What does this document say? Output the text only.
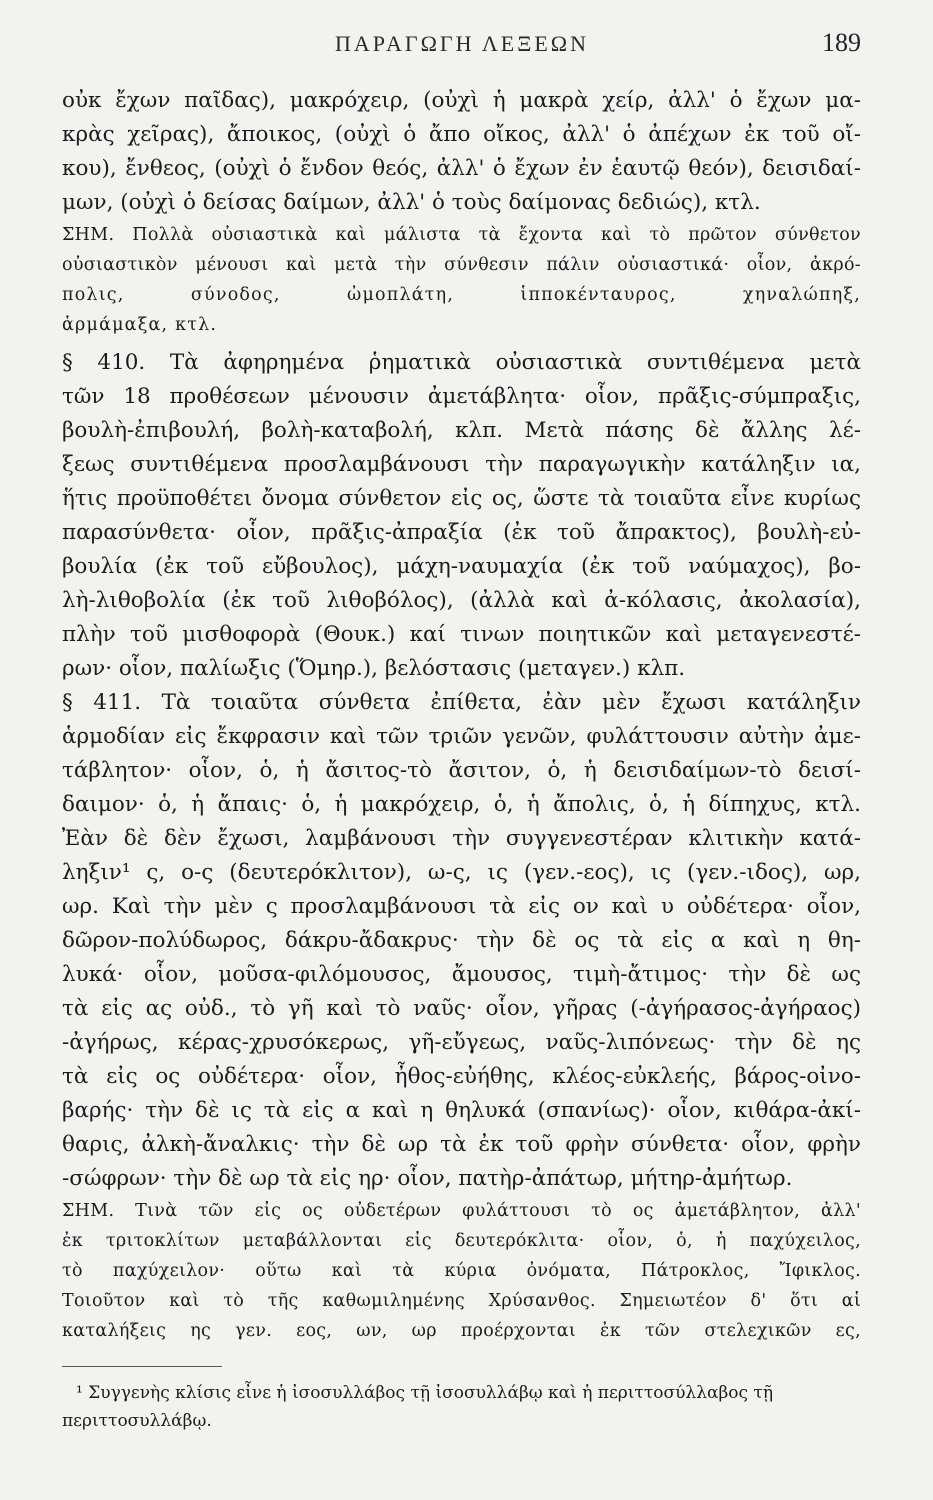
ΠΑΡΑΓΩΓΗ ΛΕΞΕΩΝ	189
οὐκ ἔχων παῖδας), μακρόχειρ, (οὐχὶ ἡ μακρὰ χείρ, ἀλλ' ὁ ἔχων μα-
κρὰς χεῖρας), ἄποικος, (οὐχὶ ὁ ἄπο οἴκος, ἀλλ' ὁ ἀπέχων ἐκ τοῦ οἴ-
κου), ἔνθεος, (οὐχὶ ὁ ἔνδον θεός, ἀλλ' ὁ ἔχων ἐν ἑαυτῷ θεόν), δεισιδαί-
μων, (οὐχὶ ὁ δείσας δαίμων, ἀλλ' ὁ τοὺς δαίμονας δεδιώς), κτλ.
ΣΗΜ. Πολλὰ οὐσιαστικὰ καὶ μάλιστα τὰ ἔχοντα καὶ τὸ πρῶτον σύνθετον
οὐσιαστικὸν μένουσι καὶ μετὰ τὴν σύνθεσιν πάλιν οὐσιαστικά· οἷον, ἀκρό-
πολις, σύνοδος, ὠμοπλάτη, ἱπποκένταυρος, χηναλώπηξ,
ἁρμάμαξα, κτλ.
§ 410. Τὰ ἀφηρημένα ῥηματικὰ οὐσιαστικὰ συντιθέμενα μετὰ
τῶν 18 προθέσεων μένουσιν ἀμετάβλητα· οἷον, πρᾶξις-σύμπραξις,
βουλὴ-ἐπιβουλή, βολὴ-καταβολή, κλπ. Μετὰ πάσης δὲ ἄλλης λέ-
ξεως συντιθέμενα προσλαμβάνουσι τὴν παραγωγικὴν κατάληξιν ια,
ἥτις προϋποθέτει ὄνομα σύνθετον εἰς ος, ὥστε τὰ τοιαῦτα εἶνε κυρίως
παρασύνθετα· οἷον, πρᾶξις-ἀπραξία (ἐκ τοῦ ἄπρακτος), βουλὴ-εὐ-
βουλία (ἐκ τοῦ εὔβουλος), μάχη-ναυμαχία (ἐκ τοῦ ναύμαχος), βο-
λὴ-λιθοβολία (ἐκ τοῦ λιθοβόλος), (ἀλλὰ καὶ ἀ-κόλασις, ἀκολασία),
πλὴν τοῦ μισθοφορὰ (Θουκ.) καί τινων ποιητικῶν καὶ μεταγενεστέ-
ρων· οἷον, παλίωξις (Ὅμηρ.), βελόστασις (μεταγεν.) κλπ.
§ 411. Τὰ τοιαῦτα σύνθετα ἐπίθετα, ἐὰν μὲν ἔχωσι κατάληξιν
ἁρμοδίαν εἰς ἔκφρασιν καὶ τῶν τριῶν γενῶν, φυλάττουσιν αὐτὴν ἀμε-
τάβλητον· οἷον, ὁ, ἡ ἄσιτος-τὸ ἄσιτον, ὁ, ἡ δεισιδαίμων-τὸ δεισί-
δαιμον· ὁ, ἡ ἄπαις· ὁ, ἡ μακρόχειρ, ὁ, ἡ ἄπολις, ὁ, ἡ δίπηχυς, κτλ.
Ἐὰν δὲ δὲν ἔχωσι, λαμβάνουσι τὴν συγγενεστέραν κλιτικὴν κατά-
ληξιν¹ ς, ο-ς (δευτερόκλιτον), ω-ς, ις (γεν.-εος), ις (γεν.-ιδος), ωρ,
ωρ. Καὶ τὴν μὲν ς προσλαμβάνουσι τὰ εἰς ον καὶ υ οὐδέτερα· οἷον,
δῶρον-πολύδωρος, δάκρυ-ἄδακρυς· τὴν δὲ ος τὰ εἰς α καὶ η θη-
λυκά· οἷον, μοῦσα-φιλόμουσος, ἄμουσος, τιμὴ-ἄτιμος· τὴν δὲ ως
τὰ εἰς ας οὐδ., τὸ γῆ καὶ τὸ ναῦς· οἷον, γῆρας (-ἀγήρασος-ἀγήραος)
-ἀγήρως, κέρας-χρυσόκερως, γῆ-εὔγεως, ναῦς-λιπόνεως· τὴν δὲ ης
τὰ εἰς ος οὐδέτερα· οἷον, ἦθος-εὐήθης, κλέος-εὐκλεής, βάρος-οἰνο-
βαρής· τὴν δὲ ις τὰ εἰς α καὶ η θηλυκά (σπανίως)· οἷον, κιθάρα-ἀκί-
θαρις, ἀλκὴ-ἄναλκις· τὴν δὲ ωρ τὰ ἐκ τοῦ φρὴν σύνθετα· οἷον, φρὴν
-σώφρων· τὴν δὲ ωρ τὰ εἰς ηρ· οἷον, πατὴρ-ἀπάτωρ, μήτηρ-ἀμήτωρ.
ΣΗΜ. Τινὰ τῶν εἰς ος οὐδετέρων φυλάττουσι τὸ ος ἀμετάβλητον, ἀλλ'
ἐκ τριτοκλίτων μεταβάλλονται εἰς δευτερόκλιτα· οἷον, ὁ, ἡ παχύχειλος,
τὸ παχύχειλον· οὕτω καὶ τὰ κύρια ὀνόματα, Πάτροκλος, Ἴφικλος.
Τοιοῦτον καὶ τὸ τῆς καθωμιλημένης Χρύσανθος. Σημειωτέον δ' ὅτι αἱ
καταλήξεις ης γεν. εος, ων, ωρ προέρχονται ἐκ τῶν στελεχικῶν ες,
¹ Συγγενὴς κλίσις εἶνε ἡ ἰσοσυλλάβος τῇ ἰσοσυλλάβῳ καὶ ἡ περιττοσύλλαβος τῇ
περιττοσυλλάβῳ.
